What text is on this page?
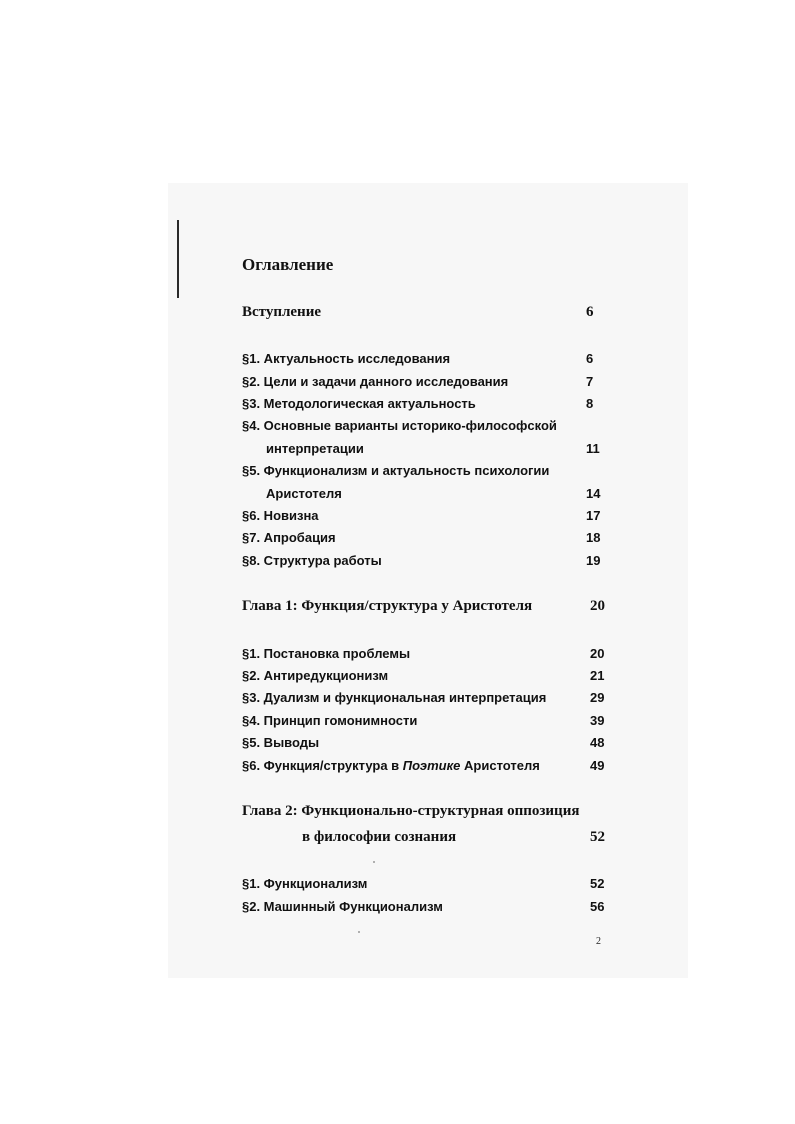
Оглавление
Вступление	6
§1. Актуальность исследования	6
§2. Цели и задачи данного исследования	7
§3. Методологическая актуальность	8
§4. Основные варианты историко-философской
интерпретации	11
§5. Функционализм и актуальность психологии
Аристотеля	14
§6. Новизна	17
§7. Апробация	18
§8. Структура работы	19
Глава 1: Функция/структура у Аристотеля	20
§1. Постановка проблемы	20
§2. Антиредукционизм	21
§3. Дуализм и функциональная интерпретация	29
§4. Принцип гомонимности	39
§5. Выводы	48
§6. Функция/структура в Поэтике Аристотеля	49
Глава 2: Функционально-структурная оппозиция
в философии сознания	52
§1. Функционализм	52
§2. Машинный Функционализм	56
2
